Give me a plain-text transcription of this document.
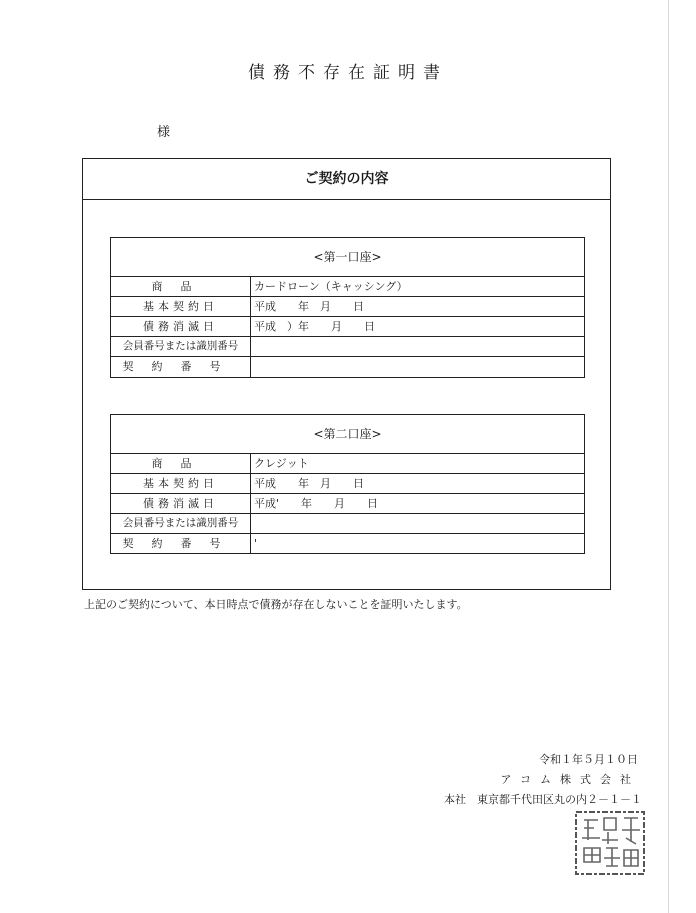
債務不存在証明書
様
ご契約の内容
<第一口座>
商品	カードローン（キャッシング）
基本契約日	平成　　年　月　　日
債務消滅日	平成　）年　　月　　日
会員番号または識別番号
契約番号
<第二口座>
商品	クレジット
基本契約日	平成　　年　月　　日
債務消滅日	平成'　　年　　月　　日
会員番号または識別番号
契約番号	'
上記のご契約について、本日時点で債務が存在しないことを証明いたします。
令和１年５月１０日
アコム株式会社
本社　東京都千代田区丸の内２－１－１
